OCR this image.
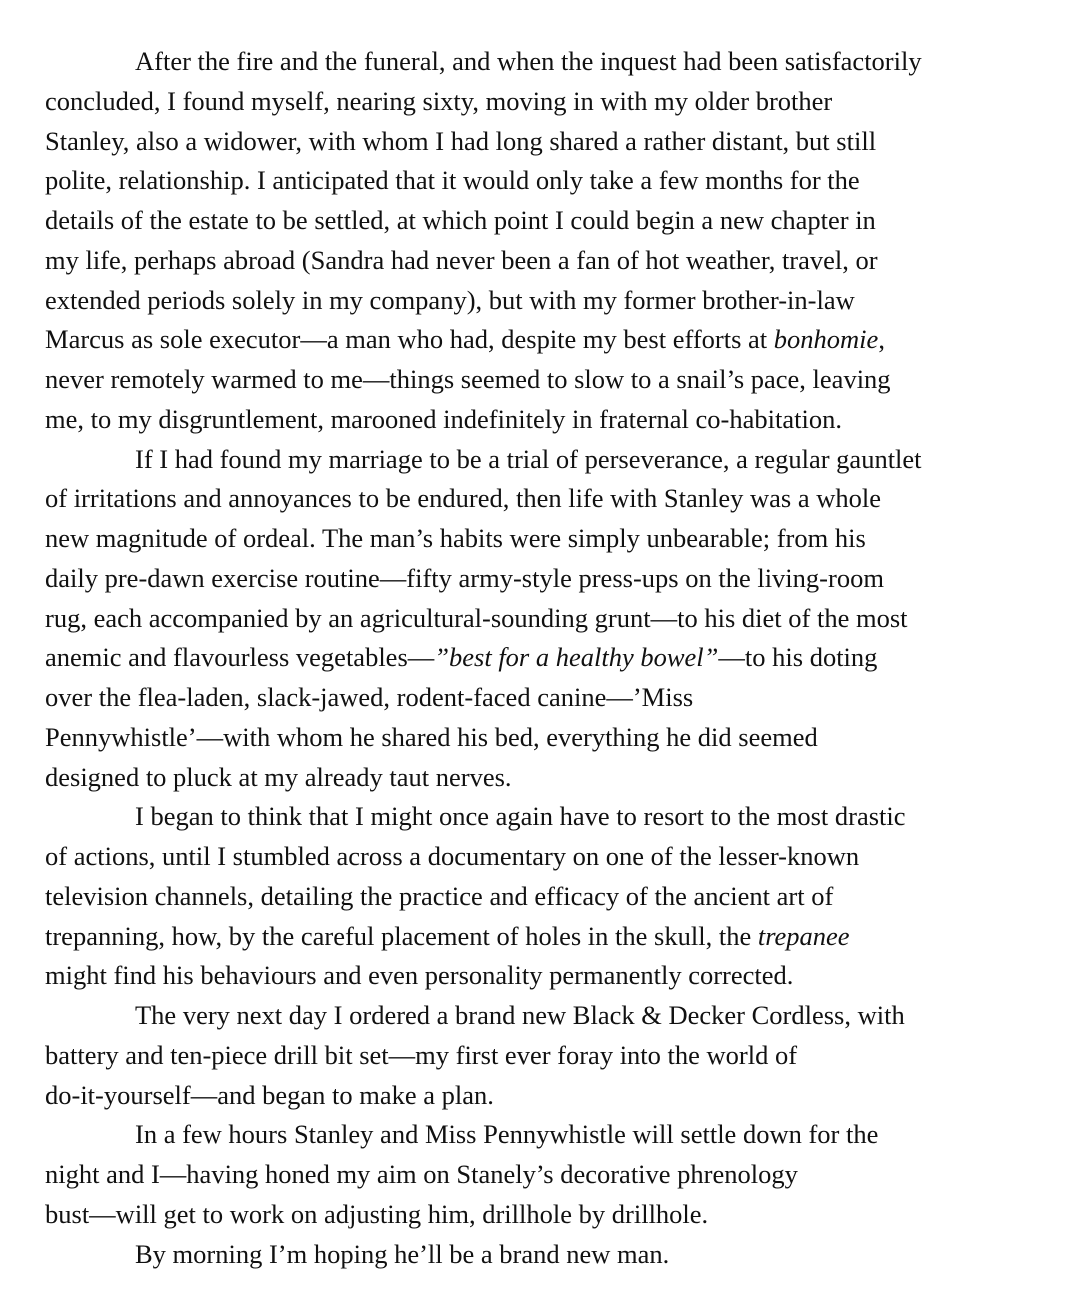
After the fire and the funeral, and when the inquest had been satisfactorily
concluded, I found myself, nearing sixty, moving in with my older brother
Stanley, also a widower, with whom I had long shared a rather distant, but still
polite, relationship. I anticipated that it would only take a few months for the
details of the estate to be settled, at which point I could begin a new chapter in
my life, perhaps abroad (Sandra had never been a fan of hot weather, travel, or
extended periods solely in my company), but with my former brother-in-law
Marcus as sole executor—a man who had, despite my best efforts at bonhomie,
never remotely warmed to me—things seemed to slow to a snail’s pace, leaving
me, to my disgruntlement, marooned indefinitely in fraternal co-habitation.
If I had found my marriage to be a trial of perseverance, a regular gauntlet
of irritations and annoyances to be endured, then life with Stanley was a whole
new magnitude of ordeal. The man’s habits were simply unbearable; from his
daily pre-dawn exercise routine—fifty army-style press-ups on the living-room
rug, each accompanied by an agricultural-sounding grunt—to his diet of the most
anemic and flavourless vegetables—”best for a healthy bowel”—to his doting
over the flea-laden, slack-jawed, rodent-faced canine—’Miss
Pennywhistle’—with whom he shared his bed, everything he did seemed
designed to pluck at my already taut nerves.
I began to think that I might once again have to resort to the most drastic
of actions, until I stumbled across a documentary on one of the lesser-known
television channels, detailing the practice and efficacy of the ancient art of
trepanning, how, by the careful placement of holes in the skull, the trepanee
might find his behaviours and even personality permanently corrected.
The very next day I ordered a brand new Black & Decker Cordless, with
battery and ten-piece drill bit set—my first ever foray into the world of
do-it-yourself—and began to make a plan.
In a few hours Stanley and Miss Pennywhistle will settle down for the
night and I—having honed my aim on Stanely’s decorative phrenology
bust—will get to work on adjusting him, drillhole by drillhole.
By morning I’m hoping he’ll be a brand new man.
